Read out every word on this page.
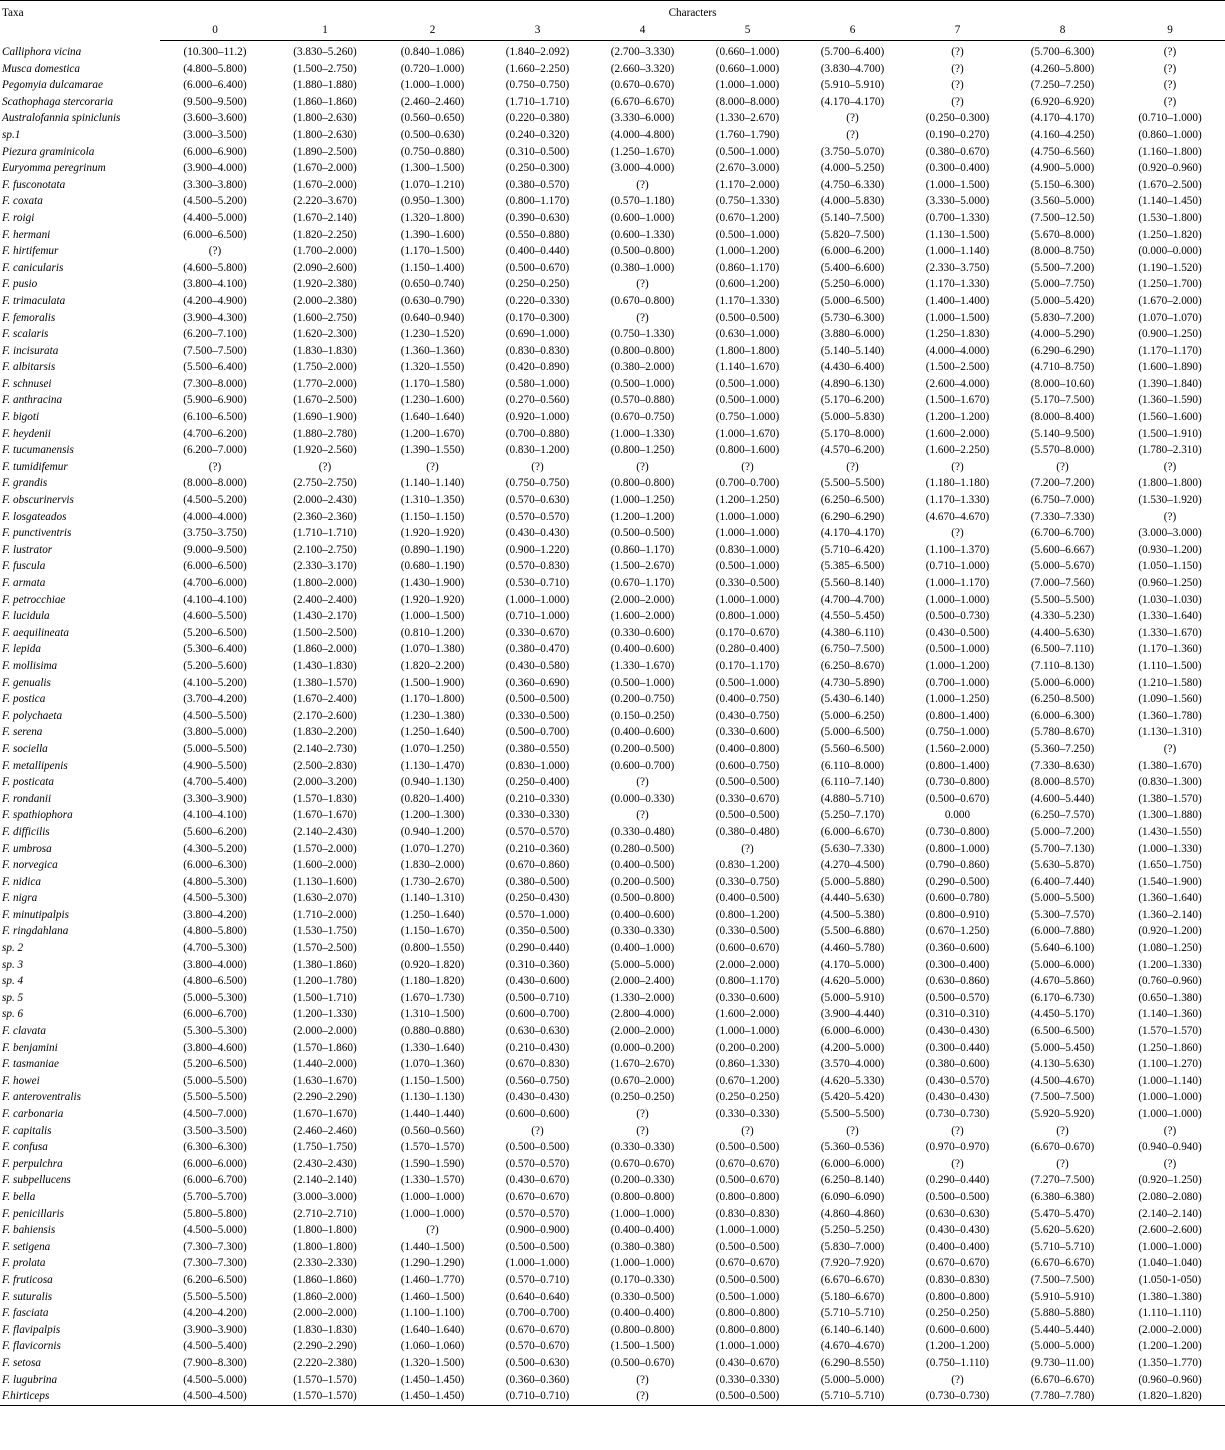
Taxa	Characters									
	0	1	2	3	4	5	6	7	8	9
Calliphora vicina	(10.300–11.2)	(3.830–5.260)	(0.840–1.086)	(1.840–2.092)	(2.700–3.330)	(0.660–1.000)	(5.700–6.400)	(?)	(5.700–6.300)	(?)
Musca domestica	(4.800–5.800)	(1.500–2.750)	(0.720–1.000)	(1.660–2.250)	(2.660–3.320)	(0.660–1.000)	(3.830–4.700)	(?)	(4.260–5.800)	(?)
Pegomyia dulcamarae	(6.000–6.400)	(1.880–1.880)	(1.000–1.000)	(0.750–0.750)	(0.670–0.670)	(1.000–1.000)	(5.910–5.910)	(?)	(7.250–7.250)	(?)
Scathophaga stercoraria	(9.500–9.500)	(1.860–1.860)	(2.460–2.460)	(1.710–1.710)	(6.670–6.670)	(8.000–8.000)	(4.170–4.170)	(?)	(6.920–6.920)	(?)
Australofannia spiniclunis	(3.600–3.600)	(1.800–2.630)	(0.560–0.650)	(0.220–0.380)	(3.330–6.000)	(1.330–2.670)	(?)	(0.250–0.300)	(4.170–4.170)	(0.710–1.000)
sp.1	(3.000–3.500)	(1.800–2.630)	(0.500–0.630)	(0.240–0.320)	(4.000–4.800)	(1.760–1.790)	(?)	(0.190–0.270)	(4.160–4.250)	(0.860–1.000)
Piezura graminicola	(6.000–6.900)	(1.890–2.500)	(0.750–0.880)	(0.310–0.500)	(1.250–1.670)	(0.500–1.000)	(3.750–5.070)	(0.380–0.670)	(4.750–6.560)	(1.160–1.800)
Euryomma peregrinum	(3.900–4.000)	(1.670–2.000)	(1.300–1.500)	(0.250–0.300)	(3.000–4.000)	(2.670–3.000)	(4.000–5.250)	(0.300–0.400)	(4.900–5.000)	(0.920–0.960)
F. fusconotata	(3.300–3.800)	(1.670–2.000)	(1.070–1.210)	(0.380–0.570)	(?)	(1.170–2.000)	(4.750–6.330)	(1.000–1.500)	(5.150–6.300)	(1.670–2.500)
F. coxata	(4.500–5.200)	(2.220–3.670)	(0.950–1.300)	(0.800–1.170)	(0.570–1.180)	(0.750–1.330)	(4.000–5.830)	(3.330–5.000)	(3.560–5.000)	(1.140–1.450)
F. roigi	(4.400–5.000)	(1.670–2.140)	(1.320–1.800)	(0.390–0.630)	(0.600–1.000)	(0.670–1.200)	(5.140–7.500)	(0.700–1.330)	(7.500–12.50)	(1.530–1.800)
F. hermani	(6.000–6.500)	(1.820–2.250)	(1.390–1.600)	(0.550–0.880)	(0.600–1.330)	(0.500–1.000)	(5.820–7.500)	(1.130–1.500)	(5.670–8.000)	(1.250–1.820)
F. hirtifemur	(?)	(1.700–2.000)	(1.170–1.500)	(0.400–0.440)	(0.500–0.800)	(1.000–1.200)	(6.000–6.200)	(1.000–1.140)	(8.000–8.750)	(0.000–0.000)
F. canicularis	(4.600–5.800)	(2.090–2.600)	(1.150–1.400)	(0.500–0.670)	(0.380–1.000)	(0.860–1.170)	(5.400–6.600)	(2.330–3.750)	(5.500–7.200)	(1.190–1.520)
F. pusio	(3.800–4.100)	(1.920–2.380)	(0.650–0.740)	(0.250–0.250)	(?)	(0.600–1.200)	(5.250–6.000)	(1.170–1.330)	(5.000–7.750)	(1.250–1.700)
F. trimaculata	(4.200–4.900)	(2.000–2.380)	(0.630–0.790)	(0.220–0.330)	(0.670–0.800)	(1.170–1.330)	(5.000–6.500)	(1.400–1.400)	(5.000–5.420)	(1.670–2.000)
F. femoralis	(3.900–4.300)	(1.600–2.750)	(0.640–0.940)	(0.170–0.300)	(?)	(0.500–0.500)	(5.730–6.300)	(1.000–1.500)	(5.830–7.200)	(1.070–1.070)
F. scalaris	(6.200–7.100)	(1.620–2.300)	(1.230–1.520)	(0.690–1.000)	(0.750–1.330)	(0.630–1.000)	(3.880–6.000)	(1.250–1.830)	(4.000–5.290)	(0.900–1.250)
F. incisurata	(7.500–7.500)	(1.830–1.830)	(1.360–1.360)	(0.830–0.830)	(0.800–0.800)	(1.800–1.800)	(5.140–5.140)	(4.000–4.000)	(6.290–6.290)	(1.170–1.170)
F. albitarsis	(5.500–6.400)	(1.750–2.000)	(1.320–1.550)	(0.420–0.890)	(0.380–2.000)	(1.140–1.670)	(4.430–6.400)	(1.500–2.500)	(4.710–8.750)	(1.600–1.890)
F. schnusei	(7.300–8.000)	(1.770–2.000)	(1.170–1.580)	(0.580–1.000)	(0.500–1.000)	(0.500–1.000)	(4.890–6.130)	(2.600–4.000)	(8.000–10.60)	(1.390–1.840)
F. anthracina	(5.900–6.900)	(1.670–2.500)	(1.230–1.600)	(0.270–0.560)	(0.570–0.880)	(0.500–1.000)	(5.170–6.200)	(1.500–1.670)	(5.170–7.500)	(1.360–1.590)
F. bigoti	(6.100–6.500)	(1.690–1.900)	(1.640–1.640)	(0.920–1.000)	(0.670–0.750)	(0.750–1.000)	(5.000–5.830)	(1.200–1.200)	(8.000–8.400)	(1.560–1.600)
F. heydenii	(4.700–6.200)	(1.880–2.780)	(1.200–1.670)	(0.700–0.880)	(1.000–1.330)	(1.000–1.670)	(5.170–8.000)	(1.600–2.000)	(5.140–9.500)	(1.500–1.910)
F. tucumanensis	(6.200–7.000)	(1.920–2.560)	(1.390–1.550)	(0.830–1.200)	(0.800–1.250)	(0.800–1.600)	(4.570–6.200)	(1.600–2.250)	(5.570–8.000)	(1.780–2.310)
F. tumidifemur	(?)	(?)	(?)	(?)	(?)	(?)	(?)	(?)	(?)	(?)
F. grandis	(8.000–8.000)	(2.750–2.750)	(1.140–1.140)	(0.750–0.750)	(0.800–0.800)	(0.700–0.700)	(5.500–5.500)	(1.180–1.180)	(7.200–7.200)	(1.800–1.800)
F. obscurinervis	(4.500–5.200)	(2.000–2.430)	(1.310–1.350)	(0.570–0.630)	(1.000–1.250)	(1.200–1.250)	(6.250–6.500)	(1.170–1.330)	(6.750–7.000)	(1.530–1.920)
F. losgateados	(4.000–4.000)	(2.360–2.360)	(1.150–1.150)	(0.570–0.570)	(1.200–1.200)	(1.000–1.000)	(6.290–6.290)	(4.670–4.670)	(7.330–7.330)	(?)
F. punctiventris	(3.750–3.750)	(1.710–1.710)	(1.920–1.920)	(0.430–0.430)	(0.500–0.500)	(1.000–1.000)	(4.170–4.170)	(?)	(6.700–6.700)	(3.000–3.000)
F. lustrator	(9.000–9.500)	(2.100–2.750)	(0.890–1.190)	(0.900–1.220)	(0.860–1.170)	(0.830–1.000)	(5.710–6.420)	(1.100–1.370)	(5.600–6.667)	(0.930–1.200)
F. fuscula	(6.000–6.500)	(2.330–3.170)	(0.680–1.190)	(0.570–0.830)	(1.500–2.670)	(0.500–1.000)	(5.385–6.500)	(0.710–1.000)	(5.000–5.670)	(1.050–1.150)
F. armata	(4.700–6.000)	(1.800–2.000)	(1.430–1.900)	(0.530–0.710)	(0.670–1.170)	(0.330–0.500)	(5.560–8.140)	(1.000–1.170)	(7.000–7.560)	(0.960–1.250)
F. petrocchiae	(4.100–4.100)	(2.400–2.400)	(1.920–1.920)	(1.000–1.000)	(2.000–2.000)	(1.000–1.000)	(4.700–4.700)	(1.000–1.000)	(5.500–5.500)	(1.030–1.030)
F. lucidula	(4.600–5.500)	(1.430–2.170)	(1.000–1.500)	(0.710–1.000)	(1.600–2.000)	(0.800–1.000)	(4.550–5.450)	(0.500–0.730)	(4.330–5.230)	(1.330–1.640)
F. aequilineata	(5.200–6.500)	(1.500–2.500)	(0.810–1.200)	(0.330–0.670)	(0.330–0.600)	(0.170–0.670)	(4.380–6.110)	(0.430–0.500)	(4.400–5.630)	(1.330–1.670)
F. lepida	(5.300–6.400)	(1.860–2.000)	(1.070–1.380)	(0.380–0.470)	(0.400–0.600)	(0.280–0.400)	(6.750–7.500)	(0.500–1.000)	(6.500–7.110)	(1.170–1.360)
F. mollisima	(5.200–5.600)	(1.430–1.830)	(1.820–2.200)	(0.430–0.580)	(1.330–1.670)	(0.170–1.170)	(6.250–8.670)	(1.000–1.200)	(7.110–8.130)	(1.110–1.500)
F. genualis	(4.100–5.200)	(1.380–1.570)	(1.500–1.900)	(0.360–0.690)	(0.500–1.000)	(0.500–1.000)	(4.730–5.890)	(0.700–1.000)	(5.000–6.000)	(1.210–1.580)
F. postica	(3.700–4.200)	(1.670–2.400)	(1.170–1.800)	(0.500–0.500)	(0.200–0.750)	(0.400–0.750)	(5.430–6.140)	(1.000–1.250)	(6.250–8.500)	(1.090–1.560)
F. polychaeta	(4.500–5.500)	(2.170–2.600)	(1.230–1.380)	(0.330–0.500)	(0.150–0.250)	(0.430–0.750)	(5.000–6.250)	(0.800–1.400)	(6.000–6.300)	(1.360–1.780)
F. serena	(3.800–5.000)	(1.830–2.200)	(1.250–1.640)	(0.500–0.700)	(0.400–0.600)	(0.330–0.600)	(5.000–6.500)	(0.750–1.000)	(5.780–8.670)	(1.130–1.310)
F. sociella	(5.000–5.500)	(2.140–2.730)	(1.070–1.250)	(0.380–0.550)	(0.200–0.500)	(0.400–0.800)	(5.560–6.500)	(1.560–2.000)	(5.360–7.250)	(?)
F. metallipenis	(4.900–5.500)	(2.500–2.830)	(1.130–1.470)	(0.830–1.000)	(0.600–0.700)	(0.600–0.750)	(6.110–8.000)	(0.800–1.400)	(7.330–8.630)	(1.380–1.670)
F. posticata	(4.700–5.400)	(2.000–3.200)	(0.940–1.130)	(0.250–0.400)	(?)	(0.500–0.500)	(6.110–7.140)	(0.730–0.800)	(8.000–8.570)	(0.830–1.300)
F. rondanii	(3.300–3.900)	(1.570–1.830)	(0.820–1.400)	(0.210–0.330)	(0.000–0.330)	(0.330–0.670)	(4.880–5.710)	(0.500–0.670)	(4.600–5.440)	(1.380–1.570)
F. spathiophora	(4.100–4.100)	(1.670–1.670)	(1.200–1.300)	(0.330–0.330)	(?)	(0.500–0.500)	(5.250–7.170)	0.000	(6.250–7.570)	(1.300–1.880)
F. difficilis	(5.600–6.200)	(2.140–2.430)	(0.940–1.200)	(0.570–0.570)	(0.330–0.480)	(0.380–0.480)	(6.000–6.670)	(0.730–0.800)	(5.000–7.200)	(1.430–1.550)
F. umbrosa	(4.300–5.200)	(1.570–2.000)	(1.070–1.270)	(0.210–0.360)	(0.280–0.500)	(?)	(5.630–7.330)	(0.800–1.000)	(5.700–7.130)	(1.000–1.330)
F. norvegica	(6.000–6.300)	(1.600–2.000)	(1.830–2.000)	(0.670–0.860)	(0.400–0.500)	(0.830–1.200)	(4.270–4.500)	(0.790–0.860)	(5.630–5.870)	(1.650–1.750)
F. nidica	(4.800–5.300)	(1.130–1.600)	(1.730–2.670)	(0.380–0.500)	(0.200–0.500)	(0.330–0.750)	(5.000–5.880)	(0.290–0.500)	(6.400–7.440)	(1.540–1.900)
F. nigra	(4.500–5.300)	(1.630–2.070)	(1.140–1.310)	(0.250–0.430)	(0.500–0.800)	(0.400–0.500)	(4.440–5.630)	(0.600–0.780)	(5.000–5.500)	(1.360–1.640)
F. minutipalpis	(3.800–4.200)	(1.710–2.000)	(1.250–1.640)	(0.570–1.000)	(0.400–0.600)	(0.800–1.200)	(4.500–5.380)	(0.800–0.910)	(5.300–7.570)	(1.360–2.140)
F. ringdahlana	(4.800–5.800)	(1.530–1.750)	(1.150–1.670)	(0.350–0.500)	(0.330–0.330)	(0.330–0.500)	(5.500–6.880)	(0.670–1.250)	(6.000–7.880)	(0.920–1.200)
sp. 2	(4.700–5.300)	(1.570–2.500)	(0.800–1.550)	(0.290–0.440)	(0.400–1.000)	(0.600–0.670)	(4.460–5.780)	(0.360–0.600)	(5.640–6.100)	(1.080–1.250)
sp. 3	(3.800–4.000)	(1.380–1.860)	(0.920–1.820)	(0.310–0.360)	(5.000–5.000)	(2.000–2.000)	(4.170–5.000)	(0.300–0.400)	(5.000–6.000)	(1.200–1.330)
sp. 4	(4.800–6.500)	(1.200–1.780)	(1.180–1.820)	(0.430–0.600)	(2.000–2.400)	(0.800–1.170)	(4.620–5.000)	(0.630–0.860)	(4.670–5.860)	(0.760–0.960)
sp. 5	(5.000–5.300)	(1.500–1.710)	(1.670–1.730)	(0.500–0.710)	(1.330–2.000)	(0.330–0.600)	(5.000–5.910)	(0.500–0.570)	(6.170–6.730)	(0.650–1.380)
sp. 6	(6.000–6.700)	(1.200–1.330)	(1.310–1.500)	(0.600–0.700)	(2.800–4.000)	(1.600–2.000)	(3.900–4.440)	(0.310–0.310)	(4.450–5.170)	(1.140–1.360)
F. clavata	(5.300–5.300)	(2.000–2.000)	(0.880–0.880)	(0.630–0.630)	(2.000–2.000)	(1.000–1.000)	(6.000–6.000)	(0.430–0.430)	(6.500–6.500)	(1.570–1.570)
F. benjamini	(3.800–4.600)	(1.570–1.860)	(1.330–1.640)	(0.210–0.430)	(0.000–0.200)	(0.200–0.200)	(4.200–5.000)	(0.300–0.440)	(5.000–5.450)	(1.250–1.860)
F. tasmaniae	(5.200–6.500)	(1.440–2.000)	(1.070–1.360)	(0.670–0.830)	(1.670–2.670)	(0.860–1.330)	(3.570–4.000)	(0.380–0.600)	(4.130–5.630)	(1.100–1.270)
F. howei	(5.000–5.500)	(1.630–1.670)	(1.150–1.500)	(0.560–0.750)	(0.670–2.000)	(0.670–1.200)	(4.620–5.330)	(0.430–0.570)	(4.500–4.670)	(1.000–1.140)
F. anteroventralis	(5.500–5.500)	(2.290–2.290)	(1.130–1.130)	(0.430–0.430)	(0.250–0.250)	(0.250–0.250)	(5.420–5.420)	(0.430–0.430)	(7.500–7.500)	(1.000–1.000)
F. carbonaria	(4.500–7.000)	(1.670–1.670)	(1.440–1.440)	(0.600–0.600)	(?)	(0.330–0.330)	(5.500–5.500)	(0.730–0.730)	(5.920–5.920)	(1.000–1.000)
F. capitalis	(3.500–3.500)	(2.460–2.460)	(0.560–0.560)	(?)	(?)	(?)	(?)	(?)	(?)	(?)
F. confusa	(6.300–6.300)	(1.750–1.750)	(1.570–1.570)	(0.500–0.500)	(0.330–0.330)	(0.500–0.500)	(5.360–0.536)	(0.970–0.970)	(6.670–0.670)	(0.940–0.940)
F. perpulchra	(6.000–6.000)	(2.430–2.430)	(1.590–1.590)	(0.570–0.570)	(0.670–0.670)	(0.670–0.670)	(6.000–6.000)	(?)	(?)	(?)
F. subpellucens	(6.000–6.700)	(2.140–2.140)	(1.330–1.570)	(0.430–0.670)	(0.200–0.330)	(0.500–0.670)	(6.250–8.140)	(0.290–0.440)	(7.270–7.500)	(0.920–1.250)
F. bella	(5.700–5.700)	(3.000–3.000)	(1.000–1.000)	(0.670–0.670)	(0.800–0.800)	(0.800–0.800)	(6.090–6.090)	(0.500–0.500)	(6.380–6.380)	(2.080–2.080)
F. penicillaris	(5.800–5.800)	(2.710–2.710)	(1.000–1.000)	(0.570–0.570)	(1.000–1.000)	(0.830–0.830)	(4.860–4.860)	(0.630–0.630)	(5.470–5.470)	(2.140–2.140)
F. bahiensis	(4.500–5.000)	(1.800–1.800)	(?)	(0.900–0.900)	(0.400–0.400)	(1.000–1.000)	(5.250–5.250)	(0.430–0.430)	(5.620–5.620)	(2.600–2.600)
F. setigena	(7.300–7.300)	(1.800–1.800)	(1.440–1.500)	(0.500–0.500)	(0.380–0.380)	(0.500–0.500)	(5.830–7.000)	(0.400–0.400)	(5.710–5.710)	(1.000–1.000)
F. prolata	(7.300–7.300)	(2.330–2.330)	(1.290–1.290)	(1.000–1.000)	(1.000–1.000)	(0.670–0.670)	(7.920–7.920)	(0.670–0.670)	(6.670–6.670)	(1.040–1.040)
F. fruticosa	(6.200–6.500)	(1.860–1.860)	(1.460–1.770)	(0.570–0.710)	(0.170–0.330)	(0.500–0.500)	(6.670–6.670)	(0.830–0.830)	(7.500–7.500)	(1.050-1-050)
F. suturalis	(5.500–5.500)	(1.860–2.000)	(1.460–1.500)	(0.640–0.640)	(0.330–0.500)	(0.500–1.000)	(5.180–6.670)	(0.800–0.800)	(5.910–5.910)	(1.380–1.380)
F. fasciata	(4.200–4.200)	(2.000–2.000)	(1.100–1.100)	(0.700–0.700)	(0.400–0.400)	(0.800–0.800)	(5.710–5.710)	(0.250–0.250)	(5.880–5.880)	(1.110–1.110)
F. flavipalpis	(3.900–3.900)	(1.830–1.830)	(1.640–1.640)	(0.670–0.670)	(0.800–0.800)	(0.800–0.800)	(6.140–6.140)	(0.600–0.600)	(5.440–5.440)	(2.000–2.000)
F. flavicornis	(4.500–5.400)	(2.290–2.290)	(1.060–1.060)	(0.570–0.670)	(1.500–1.500)	(1.000–1.000)	(4.670–4.670)	(1.200–1.200)	(5.000–5.000)	(1.200–1.200)
F. setosa	(7.900–8.300)	(2.220–2.380)	(1.320–1.500)	(0.500–0.630)	(0.500–0.670)	(0.430–0.670)	(6.290–8.550)	(0.750–1.110)	(9.730–11.00)	(1.350–1.770)
F. lugubrina	(4.500–5.000)	(1.570–1.570)	(1.450–1.450)	(0.360–0.360)	(?)	(0.330–0.330)	(5.000–5.000)	(?)	(6.670–6.670)	(0.960–0.960)
F.hirticeps	(4.500–4.500)	(1.570–1.570)	(1.450–1.450)	(0.710–0.710)	(?)	(0.500–0.500)	(5.710–5.710)	(0.730–0.730)	(7.780–7.780)	(1.820–1.820)
